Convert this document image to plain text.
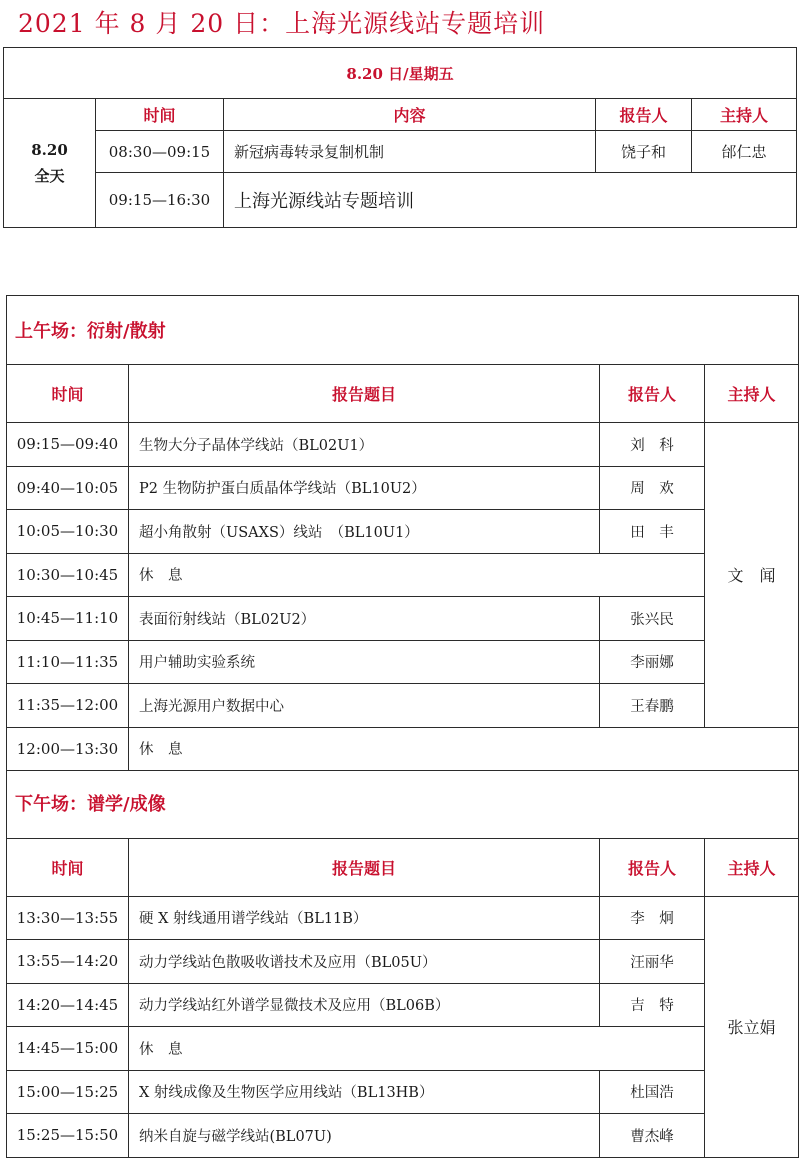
2021 年 8 月 20 日：上海光源线站专题培训
8.20 日/星期五				

8.20
全天	时间	内容	报告人	主持人
	08:30—09:15	新冠病毒转录复制机制	饶子和	邰仁忠
	09:15—16:30	上海光源线站专题培训		
上午场：衍射/散射			
时间	报告题目	报告人	主持人
09:15—09:40	生物大分子晶体学线站（BL02U1）	刘　科	文　闻
09:40—10:05	P2 生物防护蛋白质晶体学线站（BL10U2）	周　欢	
10:05—10:30	超小角散射（USAXS）线站　（BL10U1）	田　丰	
10:30—10:45	休　息		
10:45—11:10	表面衍射线站（BL02U2）	张兴民	
11:10—11:35	用户辅助实验系统	李丽娜	
11:35—12:00	上海光源用户数据中心	王春鹏	
12:00—13:30	休　息		
下午场：谱学/成像			
时间	报告题目	报告人	主持人
13:30—13:55	硬 X 射线通用谱学线站（BL11B）	李　炯	张立娟
13:55—14:20	动力学线站色散吸收谱技术及应用（BL05U）	汪丽华	
14:20—14:45	动力学线站红外谱学显微技术及应用（BL06B）	吉　特	
14:45—15:00	休　息		
15:00—15:25	X 射线成像及生物医学应用线站（BL13HB）	杜国浩	
15:25—15:50	纳米自旋与磁学线站(BL07U)	曹杰峰	
